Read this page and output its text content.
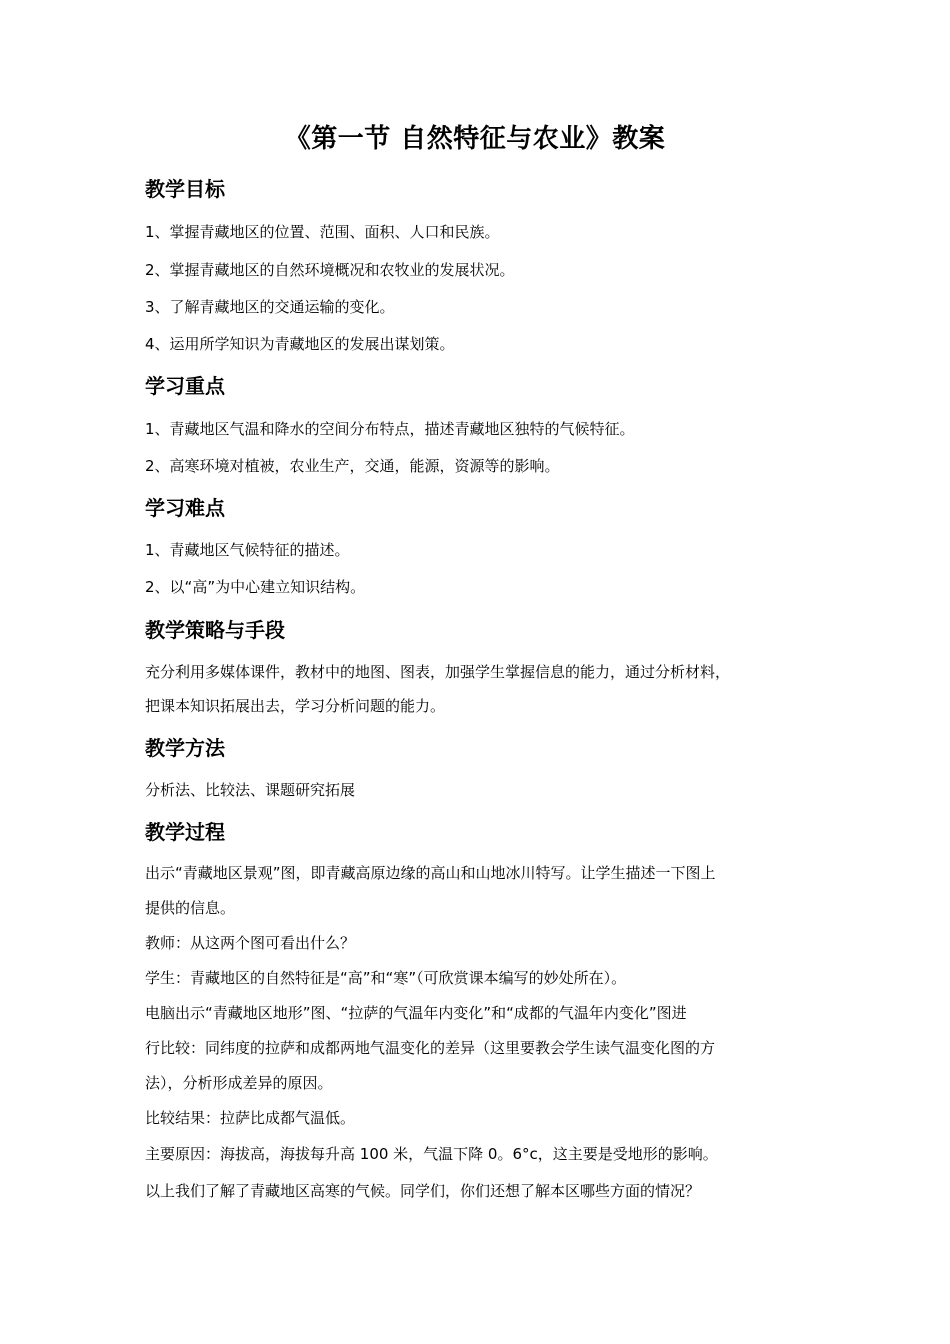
《第一节 自然特征与农业》教案
教学目标
1、掌握青藏地区的位置、范围、面积、人口和民族。
2、掌握青藏地区的自然环境概况和农牧业的发展状况。
3、了解青藏地区的交通运输的变化。
4、运用所学知识为青藏地区的发展出谋划策。
学习重点
1、青藏地区气温和降水的空间分布特点，描述青藏地区独特的气候特征。
2、高寒环境对植被，农业生产，交通，能源，资源等的影响。
学习难点
1、青藏地区气候特征的描述。
2、以“高”为中心建立知识结构。
教学策略与手段
充分利用多媒体课件，教材中的地图、图表，加强学生掌握信息的能力，通过分析材料，
把课本知识拓展出去，学习分析问题的能力。
教学方法
分析法、比较法、课题研究拓展
教学过程
出示“青藏地区景观”图，即青藏高原边缘的高山和山地冰川特写。让学生描述一下图上
提供的信息。
教师：从这两个图可看出什么？
学生：青藏地区的自然特征是“高”和“寒”（可欣赏课本编写的妙处所在）。
电脑出示“青藏地区地形”图、“拉萨的气温年内变化”和“成都的气温年内变化”图进
行比较：同纬度的拉萨和成都两地气温变化的差异（这里要教会学生读气温变化图的方
法），分析形成差异的原因。
比较结果：拉萨比成都气温低。
主要原因：海拔高，海拔每升高 100 米，气温下降 0。6°c，这主要是受地形的影响。
以上我们了解了青藏地区高寒的气候。同学们，你们还想了解本区哪些方面的情况？
